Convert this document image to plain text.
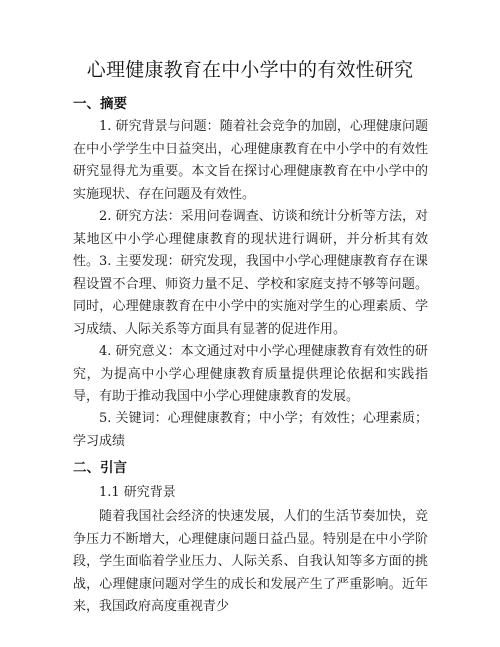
心理健康教育在中小学中的有效性研究
一、摘要

1. 研究背景与问题：随着社会竞争的加剧，心理健康问题在中小学学生中日益突出，心理健康教育在中小学中的有效性研究显得尤为重要。本文旨在探讨心理健康教育在中小学中的实施现状、存在问题及有效性。

2. 研究方法：采用问卷调查、访谈和统计分析等方法，对某地区中小学心理健康教育的现状进行调研，并分析其有效性。 3. 主要发现：研究发现，我国中小学心理健康教育存在课程设置不合理、师资力量不足、学校和家庭支持不够等问题。同时，心理健康教育在中小学中的实施对学生的心理素质、学习成绩、人际关系等方面具有显著的促进作用。

4. 研究意义：本文通过对中小学心理健康教育有效性的研究，为提高中小学心理健康教育质量提供理论依据和实践指导，有助于推动我国中小学心理健康教育的发展。

5. 关键词：心理健康教育；中小学；有效性；心理素质；学习成绩

二、引言
1.1 研究背景

随着我国社会经济的快速发展，人们的生活节奏加快，竞争压力不断增大，心理健康问题日益凸显。特别是在中小学阶段，学生面临着学业压力、人际关系、自我认知等多方面的挑战，心理健康问题对学生的成长和发展产生了严重影响。近年来，我国政府高度重视青少
